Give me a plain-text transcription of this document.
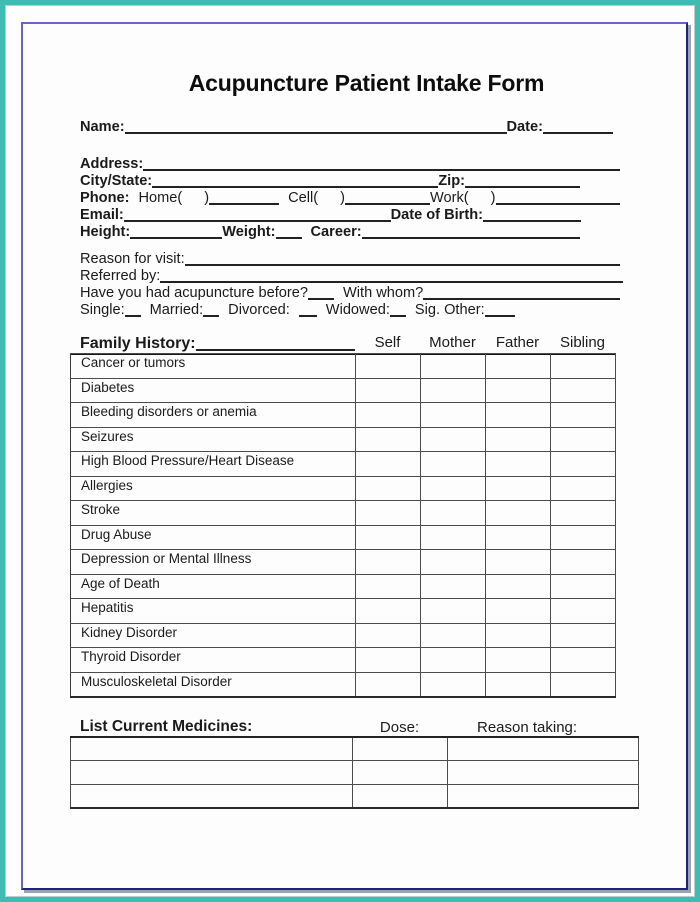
Acupuncture Patient Intake Form
Name:	Date:
Address:
City/State:	Zip:
Phone: Home( )	Cell( )	Work( )
Email:	Date of Birth:
Height:	Weight: Career:
Reason for visit:
Referred by:
Have you had acupuncture before? With whom?
Single: Married: Divorced: Widowed: Sig. Other:
Family History:	Self	Mother	Father	Sibling
Cancer or tumors				
Diabetes				
Bleeding disorders or anemia				
Seizures				
High Blood Pressure/Heart Disease				
Allergies				
Stroke				
Drug Abuse				
Depression or Mental Illness				
Age of Death				
Hepatitis				
Kidney Disorder				
Thyroid Disorder				
Musculoskeletal Disorder				
List Current Medicines:	Dose:	Reason taking:
